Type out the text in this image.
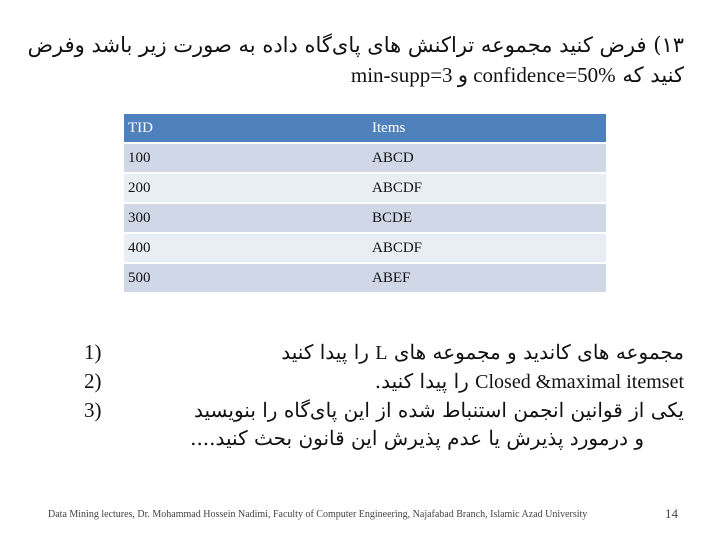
۱۳) فرض کنید مجموعه تراکنش های پای‌گاه داده به صورت زیر باشد وفرض
کنید که min-supp=3 و confidence=50%
TID	Items
100	ABCD
200	ABCDF
300	BCDE
400	ABCDF
500	ABEF
مجموعه های کاندید و مجموعه های L را پیدا کنید
1)
Closed &maximal itemset را پیدا کنید.
2)
یکی از قوانین انجمن استنباط شده از این پای‌گاه را بنویسید
3)
و درمورد پذیرش یا عدم پذیرش این قانون بحث کنید....
Data Mining lectures, Dr. Mohammad Hossein Nadimi, Faculty of Computer Engineering, Najafabad Branch, Islamic Azad University	14
